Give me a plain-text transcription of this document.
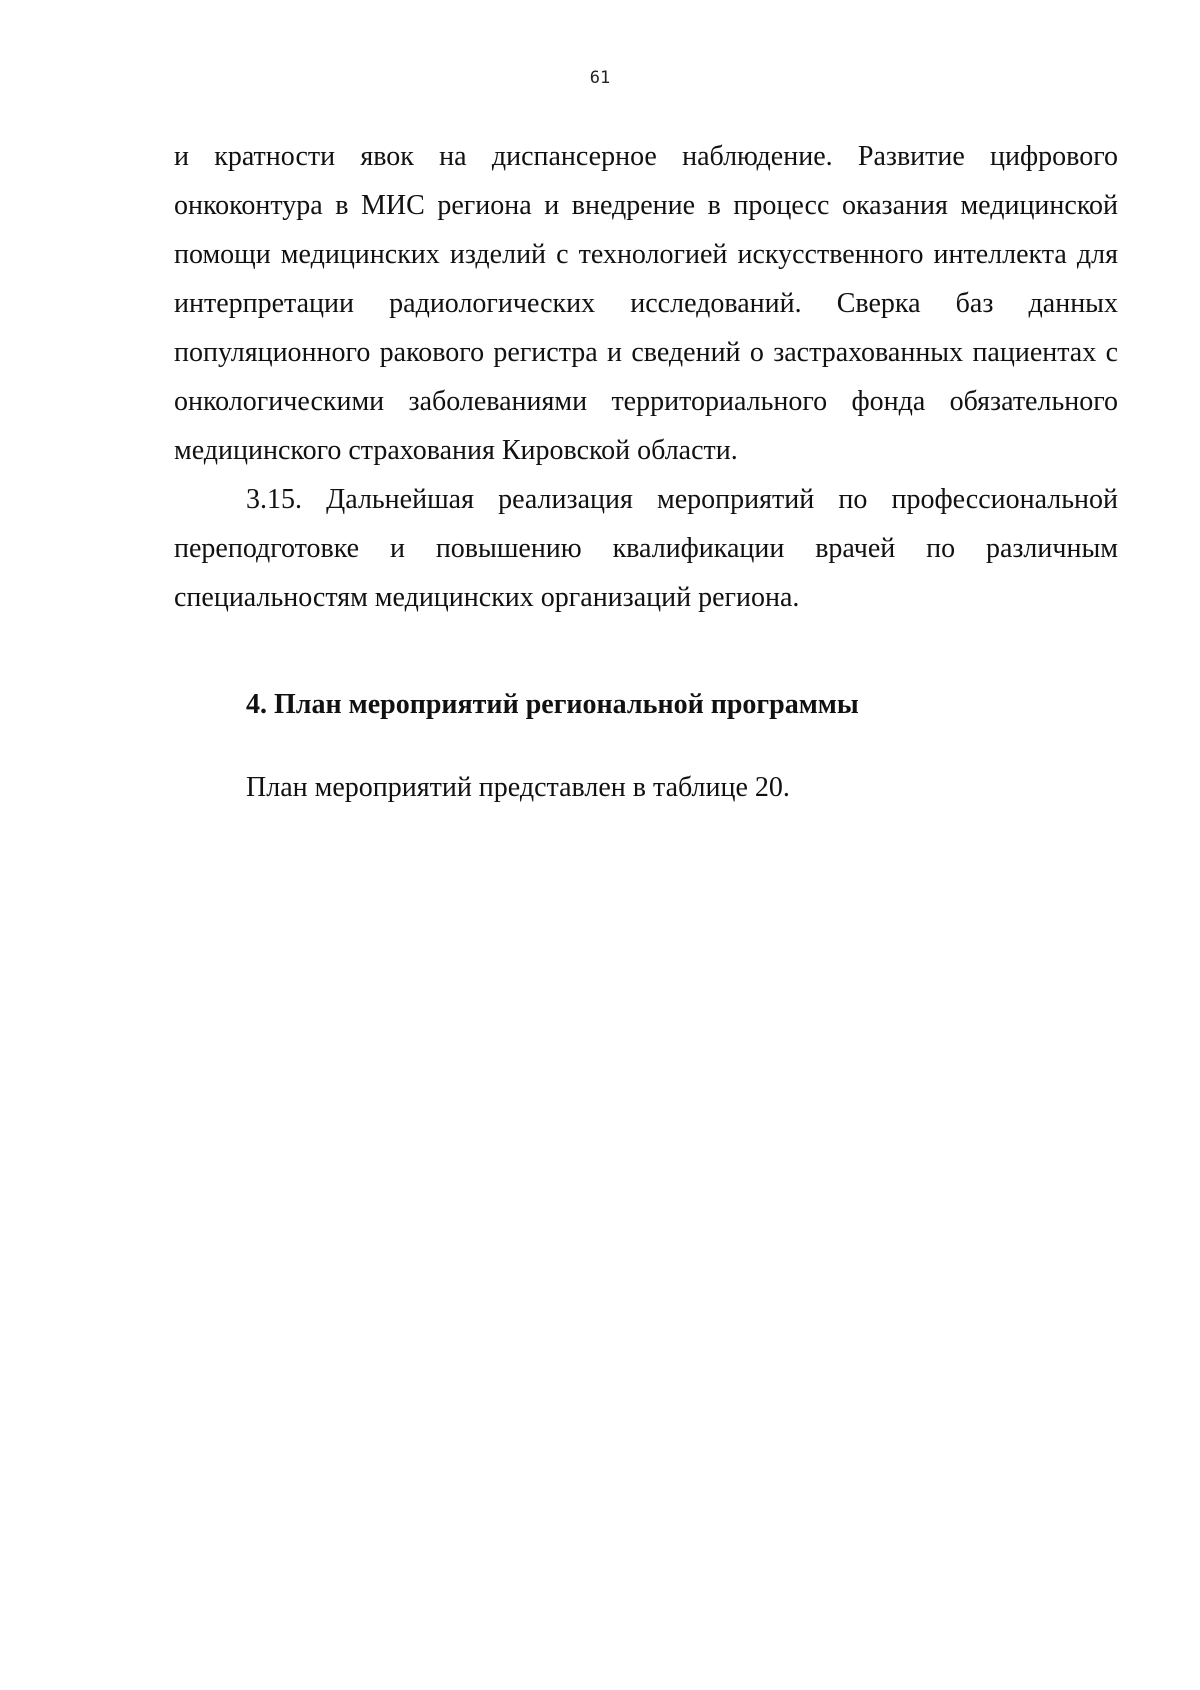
61

и кратности явок на диспансерное наблюдение. Развитие цифрового онкоконтура в МИС региона и внедрение в процесс оказания медицинской помощи медицинских изделий с технологией искусственного интеллекта для интерпретации радиологических исследований. Сверка баз данных популяционного ракового регистра и сведений о застрахованных пациентах с онкологическими заболеваниями территориального фонда обязательного медицинского страхования Кировской области.

3.15. Дальнейшая реализация мероприятий по профессиональной переподготовке и повышению квалификации врачей по различным специальностям медицинских организаций региона.

4. План мероприятий региональной программы

План мероприятий представлен в таблице 20.
